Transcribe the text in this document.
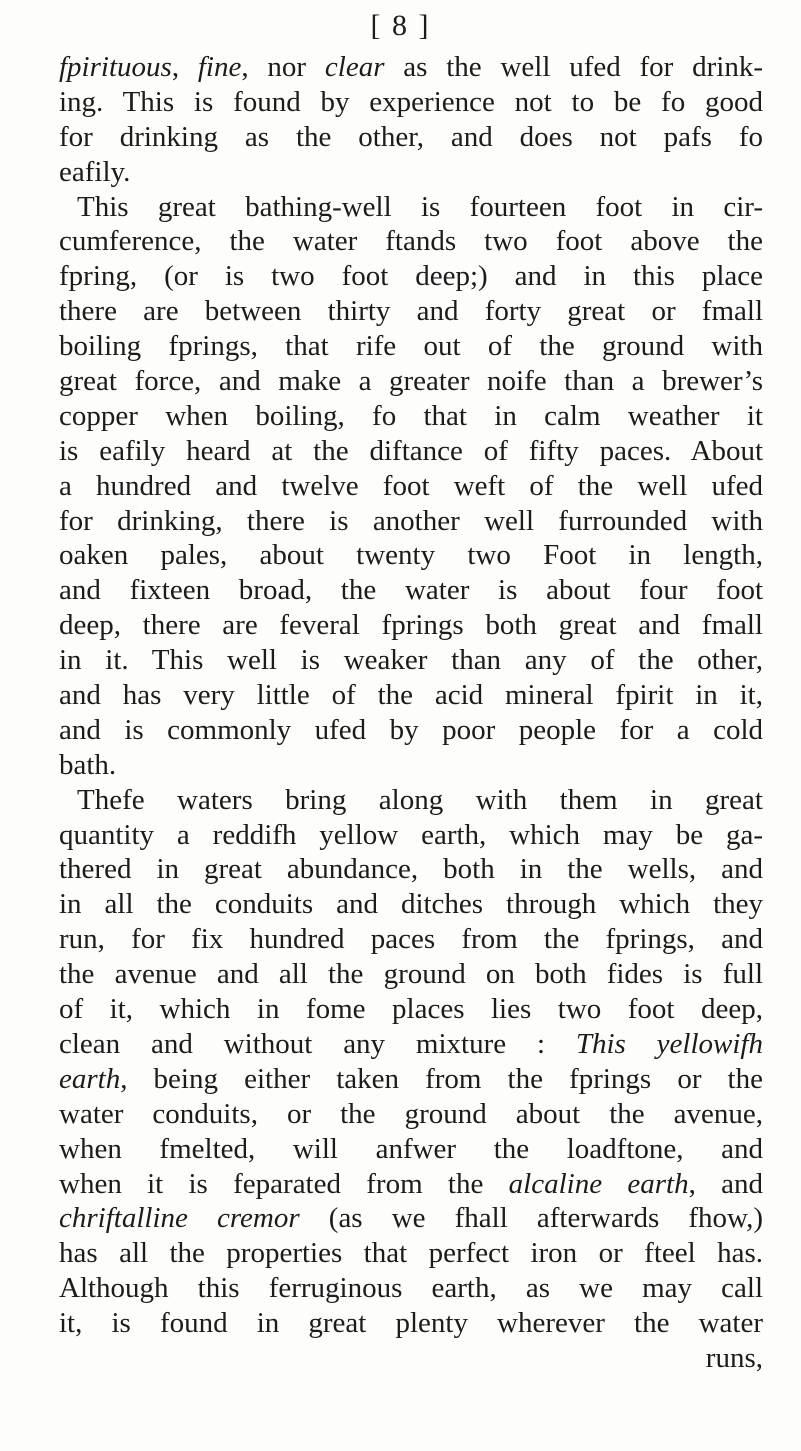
[ 8 ]
fpirituous, fine, nor clear as the well ufed for drink-
ing. This is found by experience not to be fo good
for drinking as the other, and does not pafs fo
eafily.
This great bathing-well is fourteen foot in cir-
cumference, the water ftands two foot above the
fpring, (or is two foot deep;) and in this place
there are between thirty and forty great or fmall
boiling fprings, that rife out of the ground with
great force, and make a greater noife than a brewer’s
copper when boiling, fo that in calm weather it
is eafily heard at the diftance of fifty paces. About
a hundred and twelve foot weft of the well ufed
for drinking, there is another well furrounded with
oaken pales, about twenty two Foot in length,
and fixteen broad, the water is about four foot
deep, there are feveral fprings both great and fmall
in it. This well is weaker than any of the other,
and has very little of the acid mineral fpirit in it,
and is commonly ufed by poor people for a cold
bath.
Thefe waters bring along with them in great
quantity a reddifh yellow earth, which may be ga-
thered in great abundance, both in the wells, and
in all the conduits and ditches through which they
run, for fix hundred paces from the fprings, and
the avenue and all the ground on both fides is full
of it, which in fome places lies two foot deep,
clean and without any mixture : This yellowifh
earth, being either taken from the fprings or the
water conduits, or the ground about the avenue,
when fmelted, will anfwer the loadftone, and
when it is feparated from the alcaline earth, and
chriftalline cremor (as we fhall afterwards fhow,)
has all the properties that perfect iron or fteel has.
Although this ferruginous earth, as we may call
it, is found in great plenty wherever the water
runs,
